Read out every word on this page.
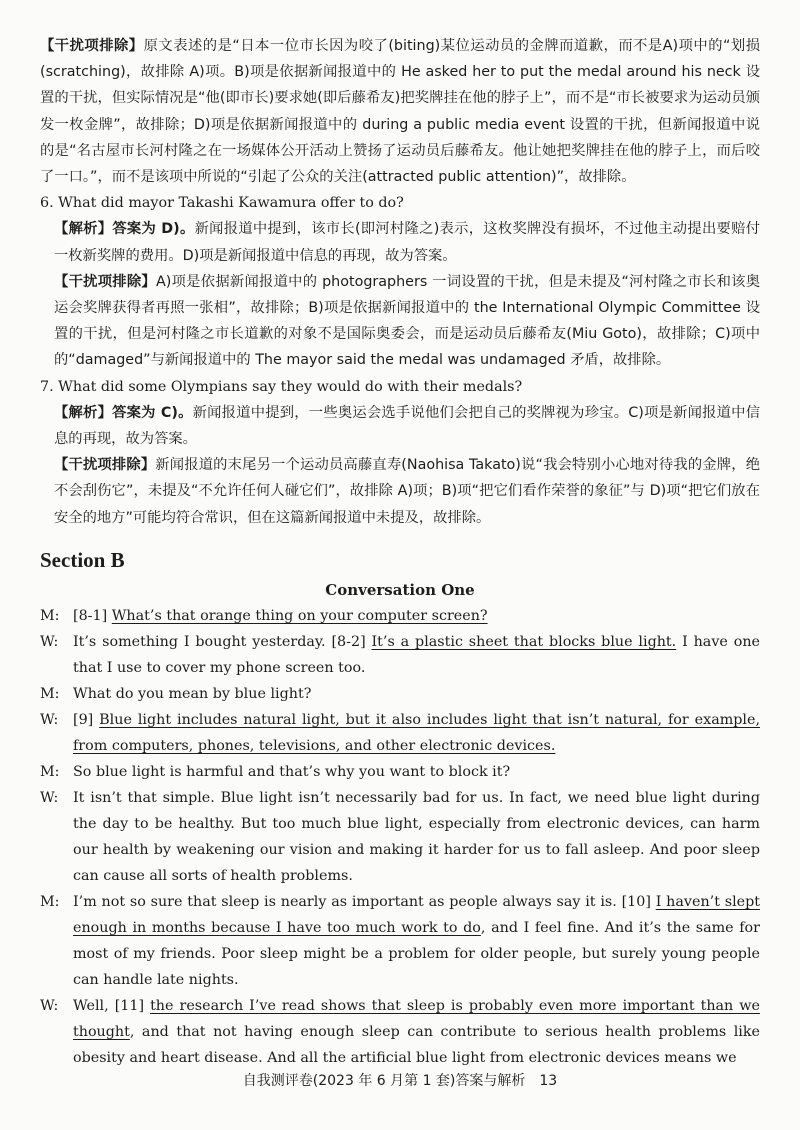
【干扰项排除】原文表述的是“日本一位市长因为咬了(biting)某位运动员的金牌而道歉，而不是A)项中的“划损(scratching)，故排除 A)项。B)项是依据新闻报道中的 He asked her to put the medal around his neck 设置的干扰，但实际情况是“他(即市长)要求她(即后藤希友)把奖牌挂在他的脖子上”，而不是“市长被要求为运动员颁发一枚金牌”，故排除；D)项是依据新闻报道中的 during a public media event 设置的干扰，但新闻报道中说的是“名古屋市长河村隆之在一场媒体公开活动上赞扬了运动员后藤希友。他让她把奖牌挂在他的脖子上，而后咬了一口。”，而不是该项中所说的“引起了公众的关注(attracted public attention)”，故排除。

6. What did mayor Takashi Kawamura offer to do?

【解析】答案为 D)。新闻报道中提到，该市长(即河村隆之)表示，这枚奖牌没有损坏，不过他主动提出要赔付一枚新奖牌的费用。D)项是新闻报道中信息的再现，故为答案。

【干扰项排除】A)项是依据新闻报道中的 photographers 一词设置的干扰，但是未提及“河村隆之市长和该奥运会奖牌获得者再照一张相”，故排除；B)项是依据新闻报道中的 the International Olympic Committee 设置的干扰，但是河村隆之市长道歉的对象不是国际奥委会，而是运动员后藤希友(Miu Goto)，故排除；C)项中的“damaged”与新闻报道中的 The mayor said the medal was undamaged 矛盾，故排除。

7. What did some Olympians say they would do with their medals?

【解析】答案为 C)。新闻报道中提到，一些奥运会选手说他们会把自己的奖牌视为珍宝。C)项是新闻报道中信息的再现，故为答案。

【干扰项排除】新闻报道的末尾另一个运动员高藤直寿(Naohisa Takato)说“我会特别小心地对待我的金牌，绝不会刮伤它”，未提及“不允许任何人碰它们”，故排除 A)项；B)项“把它们看作荣誉的象征”与 D)项“把它们放在安全的地方”可能均符合常识，但在这篇新闻报道中未提及，故排除。

Section B
Conversation One
M: [8-1] What’s that orange thing on your computer screen?
W:	It’s something I bought yesterday. [8-2] It’s a plastic sheet that blocks blue light. I have one that I use to cover my phone screen too.
M: What do you mean by blue light?
W:	[9] Blue light includes natural light, but it also includes light that isn’t natural, for example, from computers, phones, televisions, and other electronic devices.
M: So blue light is harmful and that’s why you want to block it?
W:	It isn’t that simple. Blue light isn’t necessarily bad for us. In fact, we need blue light during the day to be healthy. But too much blue light, especially from electronic devices, can harm our health by weakening our vision and making it harder for us to fall asleep. And poor sleep can cause all sorts of health problems.
M: I’m not so sure that sleep is nearly as important as people always say it is. [10] I haven’t slept enough in months because I have too much work to do, and I feel fine. And it’s the same for most of my friends. Poor sleep might be a problem for older people, but surely young people can handle late nights.
W:	Well, [11] the research I’ve read shows that sleep is probably even more important than we thought, and that not having enough sleep can contribute to serious health problems like obesity and heart disease. And all the artificial blue light from electronic devices means we
自我测评卷(2023 年 6 月第 1 套)答案与解析　13
